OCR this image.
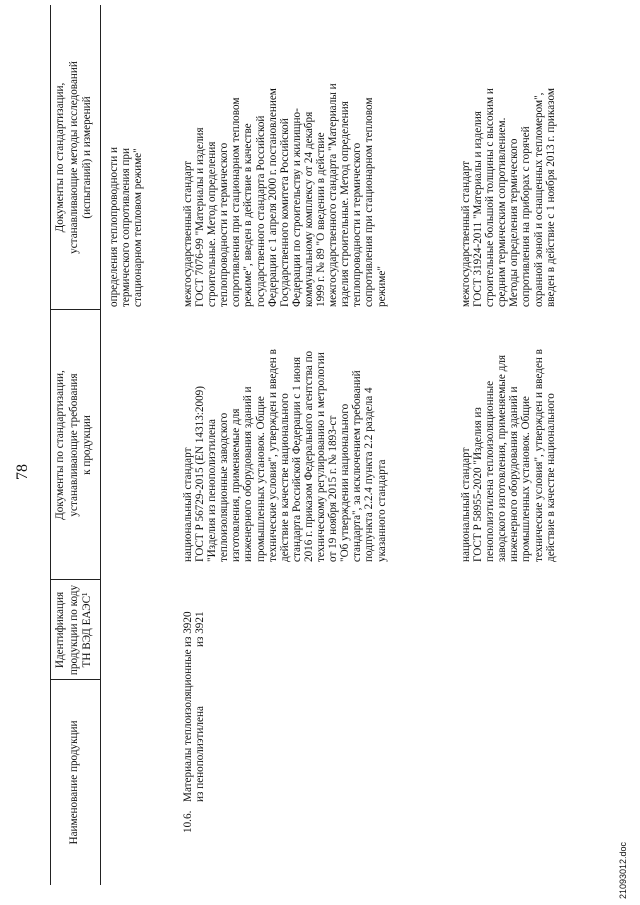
78
Наименование продукции
Идентификация продукции по коду ТН ВЭД ЕАЭС¹
Документы по стандартизации, устанавливающие требования к продукции
Документы по стандартизации, устанавливающие методы исследований (испытаний) и измерений определения теплопроводности и термического сопротивления при стационарном тепловом режиме"
10.6.
Материалы теплоизоляционные из пенополиэтилена
из 3920 из 3921
национальный стандарт ГОСТ Р 56729-2015 (EN 14313:2009) "Изделия из пенополиэтилена теплоизоляционные заводского изготовления, применяемые для инженерного оборудования зданий и промышленных установок. Общие технические условия", утвержден и введен в действие в качестве национального стандарта Российской Федерации с 1 июня 2016 г. приказом Федерального агентства по техническому регулированию и метрологии от 19 ноября 2015 г. № 1893-ст "Об утверждении национального стандарта", за исключением требований подпункта 2.2.4 пункта 2.2 раздела 4 указанного стандарта	национальный стандарт ГОСТ Р 58955-2020 "Изделия из пенополиэтилена теплоизоляционные заводского изготовления, применяемые для инженерного оборудования зданий и промышленных установок. Общие технические условия", утвержден и введен в действие в качестве национального
межгосударственный стандарт ГОСТ 7076-99 "Материалы и изделия строительные. Метод определения теплопроводности и термического сопротивления при стационарном тепловом режиме", введен в действие в качестве государственного стандарта Российской Федерации с 1 апреля 2000 г. постановлением Государственного комитета Российской Федерации по строительству и жилищно- коммунальному комплексу от 24 декабря 1999 г. № 89 "О введении в действие межгосударственного стандарта "Материалы и изделия строительные. Метод определения теплопроводности и термического сопротивления при стационарном тепловом режиме"	межгосударственный стандарт ГОСТ 31924-2011 "Материалы и изделия строительные большой толщины с высоким и средним термическим сопротивлением. Методы определения термического сопротивления на приборах с горячей охранной зоной и оснащенных тепломером", введен в действие с 1 ноября 2013 г. приказом
21093012.doc
